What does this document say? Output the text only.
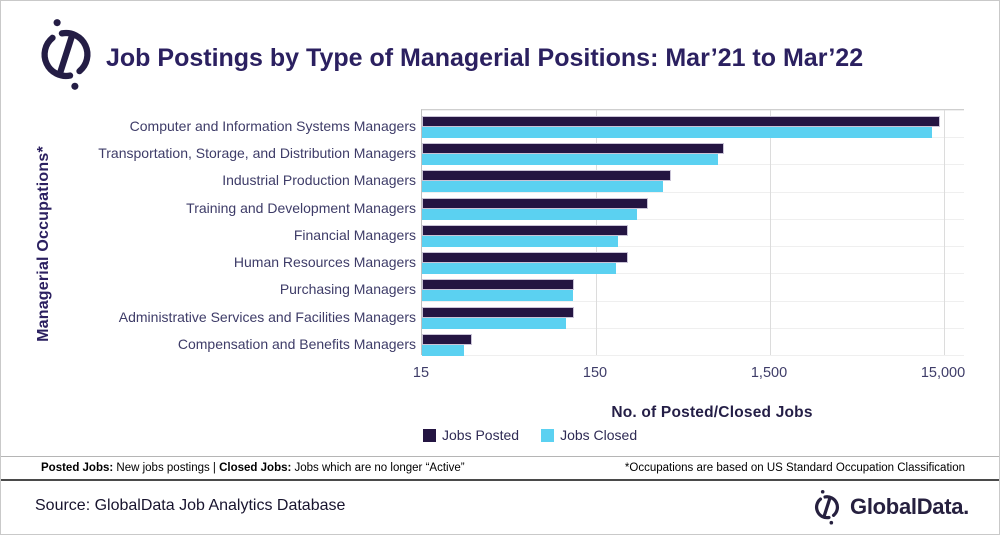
Job Postings by Type of Managerial Positions: Mar’21 to Mar’22
Managerial Occupations*
Computer and Information Systems Managers
Transportation, Storage, and Distribution Managers
Industrial Production Managers
Training and Development Managers
Financial Managers
Human Resources Managers
Purchasing Managers
Administrative Services and Facilities Managers
Compensation and Benefits Managers
15	150	1,500	15,000
No. of Posted/Closed Jobs
Jobs Posted	Jobs Closed
Posted Jobs: New jobs postings | Closed Jobs: Jobs which are no longer “Active”	*Occupations are based on US Standard Occupation Classification
Source: GlobalData Job Analytics Database	GlobalData.
